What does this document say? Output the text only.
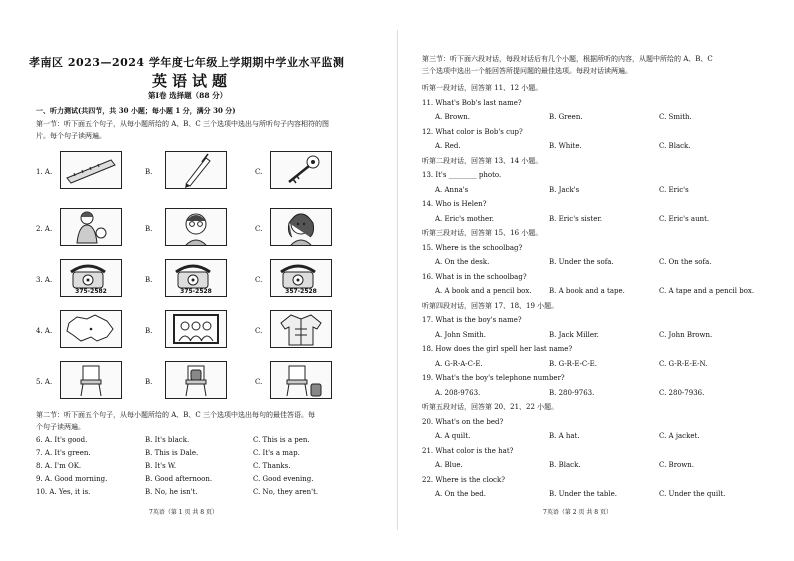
孝南区 2023—2024 学年度七年级上学期期中学业水平监测
英语试题
第Ⅰ卷 选择题（88 分）
一、听力测试(共四节，共 30 小题；每小题 1 分，满分 30 分)
第一节：听下面五个句子，从每小题所给的 A、B、C 三个选项中选出与所听句子内容相符的图
片。每个句子读两遍。
1. A.	B.	C.
2. A.	B.	C.
3. A.	B.	C.
375-2582	375-2528	357-2528
4. A.	B.	C.
5. A.	B.	C.
第二节：听下面五个句子，从每小题所给的 A、B、C 三个选项中选出每句的最佳答语。每
个句子读两遍。
6. A. It's good.	B. It's black.	C. This is a pen.
7. A. It's green.	B. This is Dale.	C. It's a map.
8. A. I'm OK.	B. It's W.	C. Thanks.
9. A. Good morning.	B. Good afternoon.	C. Good evening.
10. A. Yes, it is.	B. No, he isn't.	C. No, they aren't.
7英语（第 1 页 共 8 页）
第三节：听下面六段对话，每段对话后有几个小题，根据所听的内容，从题中所给的 A、B、C
三个选项中选出一个能回答所提问题的最佳选项。每段对话读两遍。
听第一段对话，回答第 11、12 小题。
11. What's Bob's last name?
A. Brown.	B. Green.	C. Smith.
12. What color is Bob's cup?
A. Red.	B. White.	C. Black.
听第二段对话，回答第 13、14 小题。
13. It's ________ photo.
A. Anna's	B. Jack's	C. Eric's
14. Who is Helen?
A. Eric's mother.	B. Eric's sister.	C. Eric's aunt.
听第三段对话，回答第 15、16 小题。
15. Where is the schoolbag?
A. On the desk.	B. Under the sofa.	C. On the sofa.
16. What is in the schoolbag?
A. A book and a pencil box. B. A book and a tape.	C. A tape and a pencil box.
听第四段对话，回答第 17、18、19 小题。
17. What is the boy's name?
A. John Smith.	B. Jack Miller.	C. John Brown.
18. How does the girl spell her last name?
A. G-R-A-C-E.	B. G-R-E-C-E.	C. G-R-E-E-N.
19. What's the boy's telephone number?
A. 208-9763.	B. 280-9763.	C. 280-7936.
听第五段对话，回答第 20、21、22 小题。
20. What's on the bed?
A. A quilt.	B. A hat.	C. A jacket.
21. What color is the hat?
A. Blue.	B. Black.	C. Brown.
22. Where is the clock?
A. On the bed.	B. Under the table.	C. Under the quilt.
7英语（第 2 页 共 8 页）
